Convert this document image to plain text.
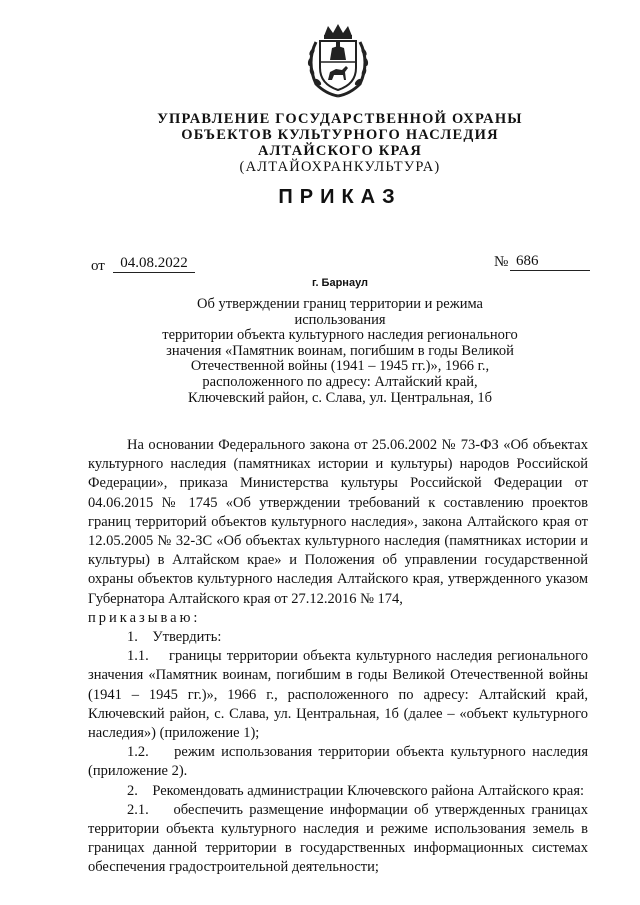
УПРАВЛЕНИЕ ГОСУДАРСТВЕННОЙ ОХРАНЫ
ОБЪЕКТОВ КУЛЬТУРНОГО НАСЛЕДИЯ
АЛТАЙСКОГО КРАЯ
(АЛТАЙОХРАНКУЛЬТУРА)
ПРИКАЗ
от	04.08.2022	№ 686
г. Барнаул
Об утверждении границ территории и режима использования
территории объекта культурного наследия регионального
значения «Памятник воинам, погибшим в годы Великой
Отечественной войны (1941 – 1945 гг.)», 1966 г.,
расположенного по адресу: Алтайский край,
Ключевский район, с. Слава, ул. Центральная, 1б

На основании Федерального закона от 25.06.2002 № 73-ФЗ «Об объектах культурного наследия (памятниках истории и культуры) народов Российской Федерации», приказа Министерства культуры Российской Федерации от 04.06.2015 № 1745 «Об утверждении требований к составлению проектов границ территорий объектов культурного наследия», закона Алтайского края от 12.05.2005 № 32-ЗС «Об объектах культурного наследия (памятниках истории и культуры) в Алтайском крае» и Положения об управлении государственной охраны объектов культурного наследия Алтайского края, утвержденного указом Губернатора Алтайского края от 27.12.2016 № 174,

приказываю:

1.    Утвердить:

1.1.    границы территории объекта культурного наследия регионального значения «Памятник воинам, погибшим в годы Великой Отечественной войны (1941 – 1945 гг.)», 1966 г., расположенного по адресу: Алтайский край, Ключевский район, с. Слава, ул. Центральная, 1б (далее – «объект культурного наследия») (приложение 1);

1.2.    режим использования территории объекта культурного наследия (приложение 2).

2.    Рекомендовать администрации Ключевского района Алтайского края:

2.1.    обеспечить размещение информации об утвержденных границах территории объекта культурного наследия и режиме использования земель в границах данной территории в государственных информационных системах обеспечения градостроительной деятельности;
